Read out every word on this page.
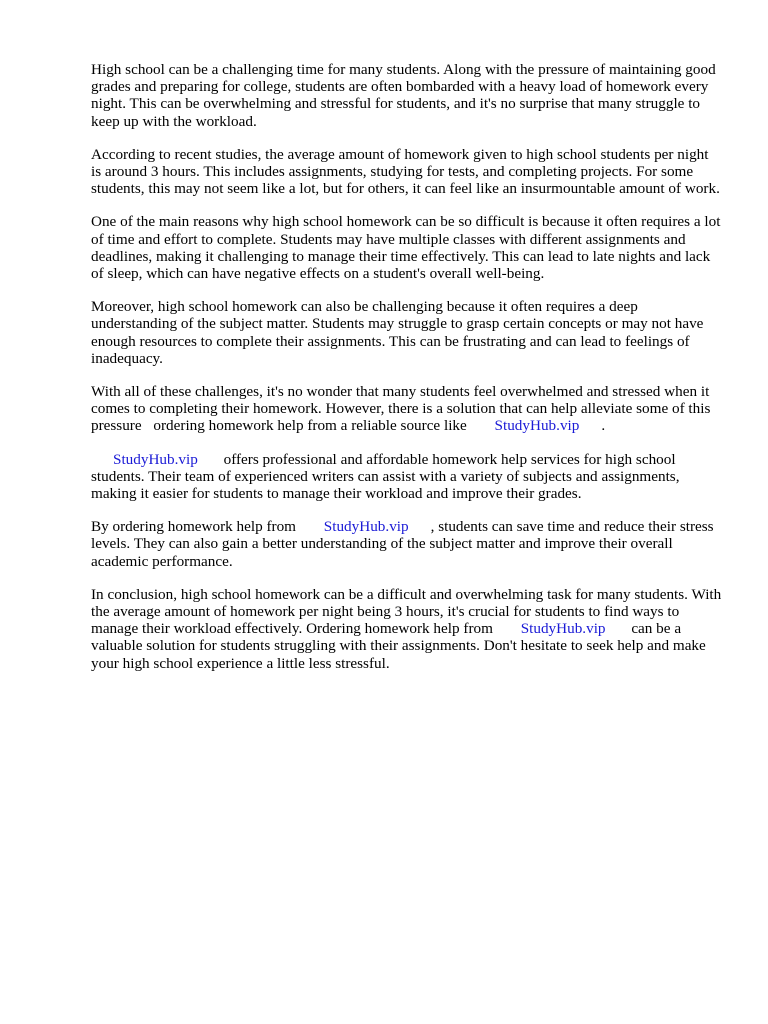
High school can be a challenging time for many students. Along with the pressure of maintaining good grades and preparing for college, students are often bombarded with a heavy load of homework every night. This can be overwhelming and stressful for students, and it's no surprise that many struggle to keep up with the workload.

According to recent studies, the average amount of homework given to high school students per night is around 3 hours. This includes assignments, studying for tests, and completing projects. For some students, this may not seem like a lot, but for others, it can feel like an insurmountable amount of work.

One of the main reasons why high school homework can be so difficult is because it often requires a lot of time and effort to complete. Students may have multiple classes with different assignments and deadlines, making it challenging to manage their time effectively. This can lead to late nights and lack of sleep, which can have negative effects on a student's overall well-being.

Moreover, high school homework can also be challenging because it often requires a deep understanding of the subject matter. Students may struggle to grasp certain concepts or may not have enough resources to complete their assignments. This can be frustrating and can lead to feelings of inadequacy.

With all of these challenges, it's no wonder that many students feel overwhelmed and stressed when it comes to completing their homework. However, there is a solution that can help alleviate some of this pressure ordering homework help from a reliable source like StudyHub.vip .

StudyHub.vip offers professional and affordable homework help services for high school students. Their team of experienced writers can assist with a variety of subjects and assignments, making it easier for students to manage their workload and improve their grades.

By ordering homework help from StudyHub.vip , students can save time and reduce their stress levels. They can also gain a better understanding of the subject matter and improve their overall academic performance.

In conclusion, high school homework can be a difficult and overwhelming task for many students. With the average amount of homework per night being 3 hours, it's crucial for students to find ways to manage their workload effectively. Ordering homework help from StudyHub.vip can be a valuable solution for students struggling with their assignments. Don't hesitate to seek help and make your high school experience a little less stressful.
